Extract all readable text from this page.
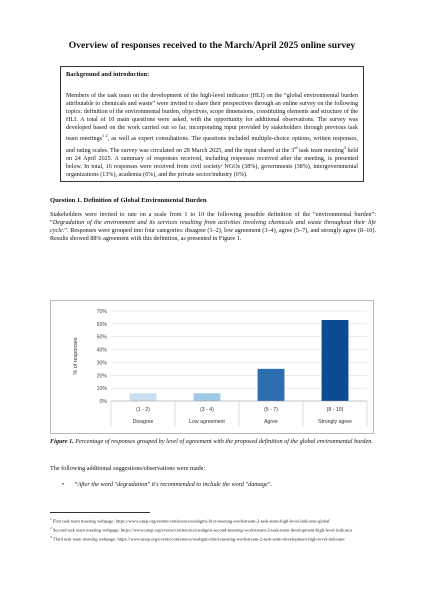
Overview of responses received to the March/April 2025 online survey
Background and introduction:
Members of the task team on the development of the high-level indicator (HLI) on the “global environmental burden attributable to chemicals and waste” were invited to share their perspectives through an online survey on the following topics: definition of the environmental burden, objectives, scope dimensions, constituting elements and structure of the HLI. A total of 10 main questions were asked, with the opportunity for additional observations. The survey was developed based on the work carried out so far, incorporating input provided by stakeholders through previous task team meetings$^{1 2}$, as well as expert consultations. The questions included multiple-choice options, written responses, and rating scales. The survey was circulated on 28 March 2025, and the input shared at the 3rd task team meeting$^3$ held on 24 April 2025. A summary of responses received, including responses received after the meeting, is presented below. In total, 16 responses were received from civil society/ NGOs (38%), governments (38%), intergovernmental organizations (13%), academia (6%), and the private sector/industry (6%).
Question 1. Definition of Global Environmental Burden
Stakeholders were invited to rate on a scale from 1 to 10 the following possible definition of the “environmental burden”: “Degradation of the environment and its services resulting from activities involving chemicals and waste throughout their life cycle.”. Responses were grouped into four categories: disagree (1–2), low agreement (3–4), agree (5–7), and strongly agree (8–10). Results showed 88% agreement with this definition, as presented in Figure 1.
0%
10%
20%
30%
40%
50%
60%
70%
% of responses
(1 - 2)
Disagree
(3 - 4)
Low agreement
(5 - 7)
Agree
(8 - 10)
Strongly agree
Figure 1. Percentage of responses grouped by level of agreement with the proposed definition of the global environmental burden.
The following additional suggestions/observations were made:
• “After the word "degradation" it's recommended to include the word "damage".
$^1$ First task team meeting webpage: https://www.unep.org/events/conference/oeahgmi-first-meeting-workstream-2-task-team-high-level-indicator-global
$^2$ Second task team meeting webpage: https://www.unep.org/events/conference/oeahgmi-second-meeting-workstream-2-task-team-development-high-level-indicator
$^3$ Third task team meeting webpage: https://www.unep.org/events/conference/oeahgmi-third-meeting-workstream-2-task-team-development-high-level-indicator
